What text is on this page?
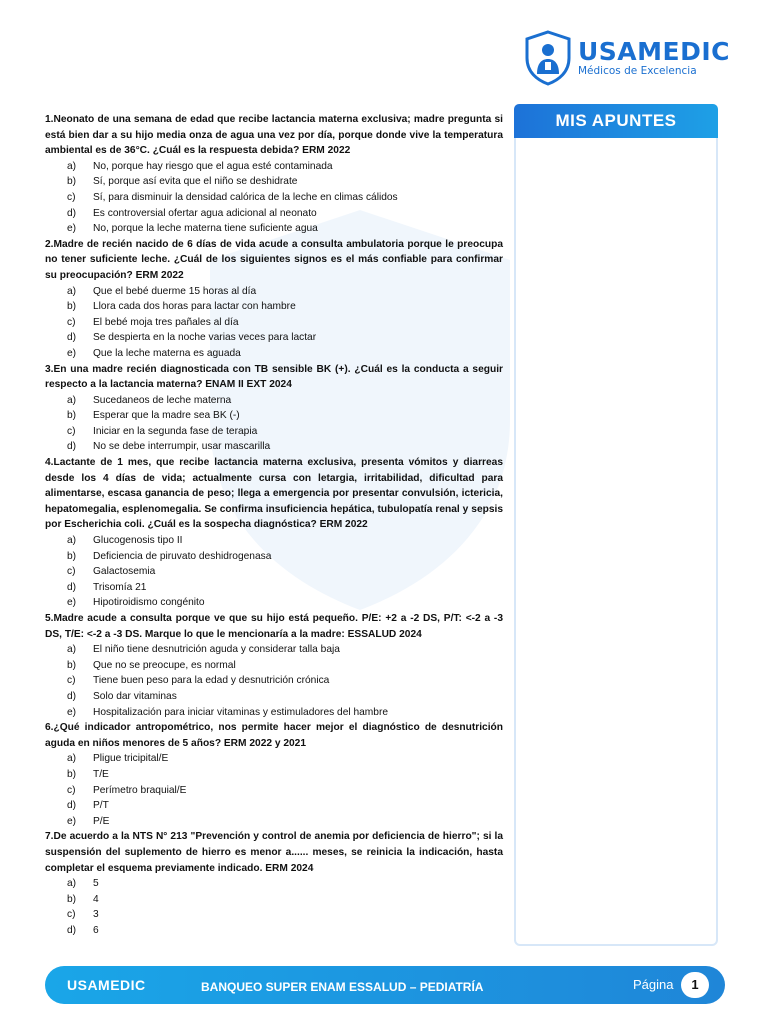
USAMEDIC
Médicos de Excelencia
1.Neonato de una semana de edad que recibe lactancia materna exclusiva; madre pregunta si está bien dar a su hijo media onza de agua una vez por día, porque donde vive la temperatura ambiental es de 36°C. ¿Cuál es la respuesta debida? ERM 2022
a)	No, porque hay riesgo que el agua esté contaminada
b)	Sí, porque así evita que el niño se deshidrate
c)	Sí, para disminuir la densidad calórica de la leche en climas cálidos
d)	Es controversial ofertar agua adicional al neonato
e)	No, porque la leche materna tiene suficiente agua
2.Madre de recién nacido de 6 días de vida acude a consulta ambulatoria porque le preocupa no tener suficiente leche. ¿Cuál de los siguientes signos es el más confiable para confirmar su preocupación? ERM 2022
a)	Que el bebé duerme 15 horas al día
b)	Llora cada dos horas para lactar con hambre
c)	El bebé moja tres pañales al día
d)	Se despierta en la noche varias veces para lactar
e)	Que la leche materna es aguada
3.En una madre recién diagnosticada con TB sensible BK (+). ¿Cuál es la conducta a seguir respecto a la lactancia materna? ENAM II EXT 2024
a)	Sucedaneos de leche materna
b)	Esperar que la madre sea BK (-)
c)	Iniciar en la segunda fase de terapia
d)	No se debe interrumpir, usar mascarilla
4.Lactante de 1 mes, que recibe lactancia materna exclusiva, presenta vómitos y diarreas desde los 4 días de vida; actualmente cursa con letargia, irritabilidad, dificultad para alimentarse, escasa ganancia de peso; llega a emergencia por presentar convulsión, ictericia, hepatomegalia, esplenomegalia. Se confirma insuficiencia hepática, tubulopatía renal y sepsis por Escherichia coli. ¿Cuál es la sospecha diagnóstica? ERM 2022
a)	Glucogenosis tipo II
b)	Deficiencia de piruvato deshidrogenasa
c)	Galactosemia
d)	Trisomía 21
e)	Hipotiroidismo congénito
5.Madre acude a consulta porque ve que su hijo está pequeño. P/E: +2 a -2 DS, P/T: <-2 a -3 DS, T/E: <-2 a -3 DS. Marque lo que le mencionaría a la madre: ESSALUD 2024
a)	El niño tiene desnutrición aguda y considerar talla baja
b)	Que no se preocupe, es normal
c)	Tiene buen peso para la edad y desnutrición crónica
d)	Solo dar vitaminas
e)	Hospitalización para iniciar vitaminas y estimuladores del hambre
6.¿Qué indicador antropométrico, nos permite hacer mejor el diagnóstico de desnutrición aguda en niños menores de 5 años? ERM 2022 y 2021
a)	Pligue tricipital/E
b)	T/E
c)	Perímetro braquial/E
d)	P/T
e)	P/E
7.De acuerdo a la NTS N° 213 "Prevención y control de anemia por deficiencia de hierro"; si la suspensión del suplemento de hierro es menor a...... meses, se reinicia la indicación, hasta completar el esquema previamente indicado. ERM 2024
a)	5
b)	4
c)	3
d)	6
MIS APUNTES
USAMEDIC	BANQUEO SUPER ENAM ESSALUD – PEDIATRÍA	Página	1
